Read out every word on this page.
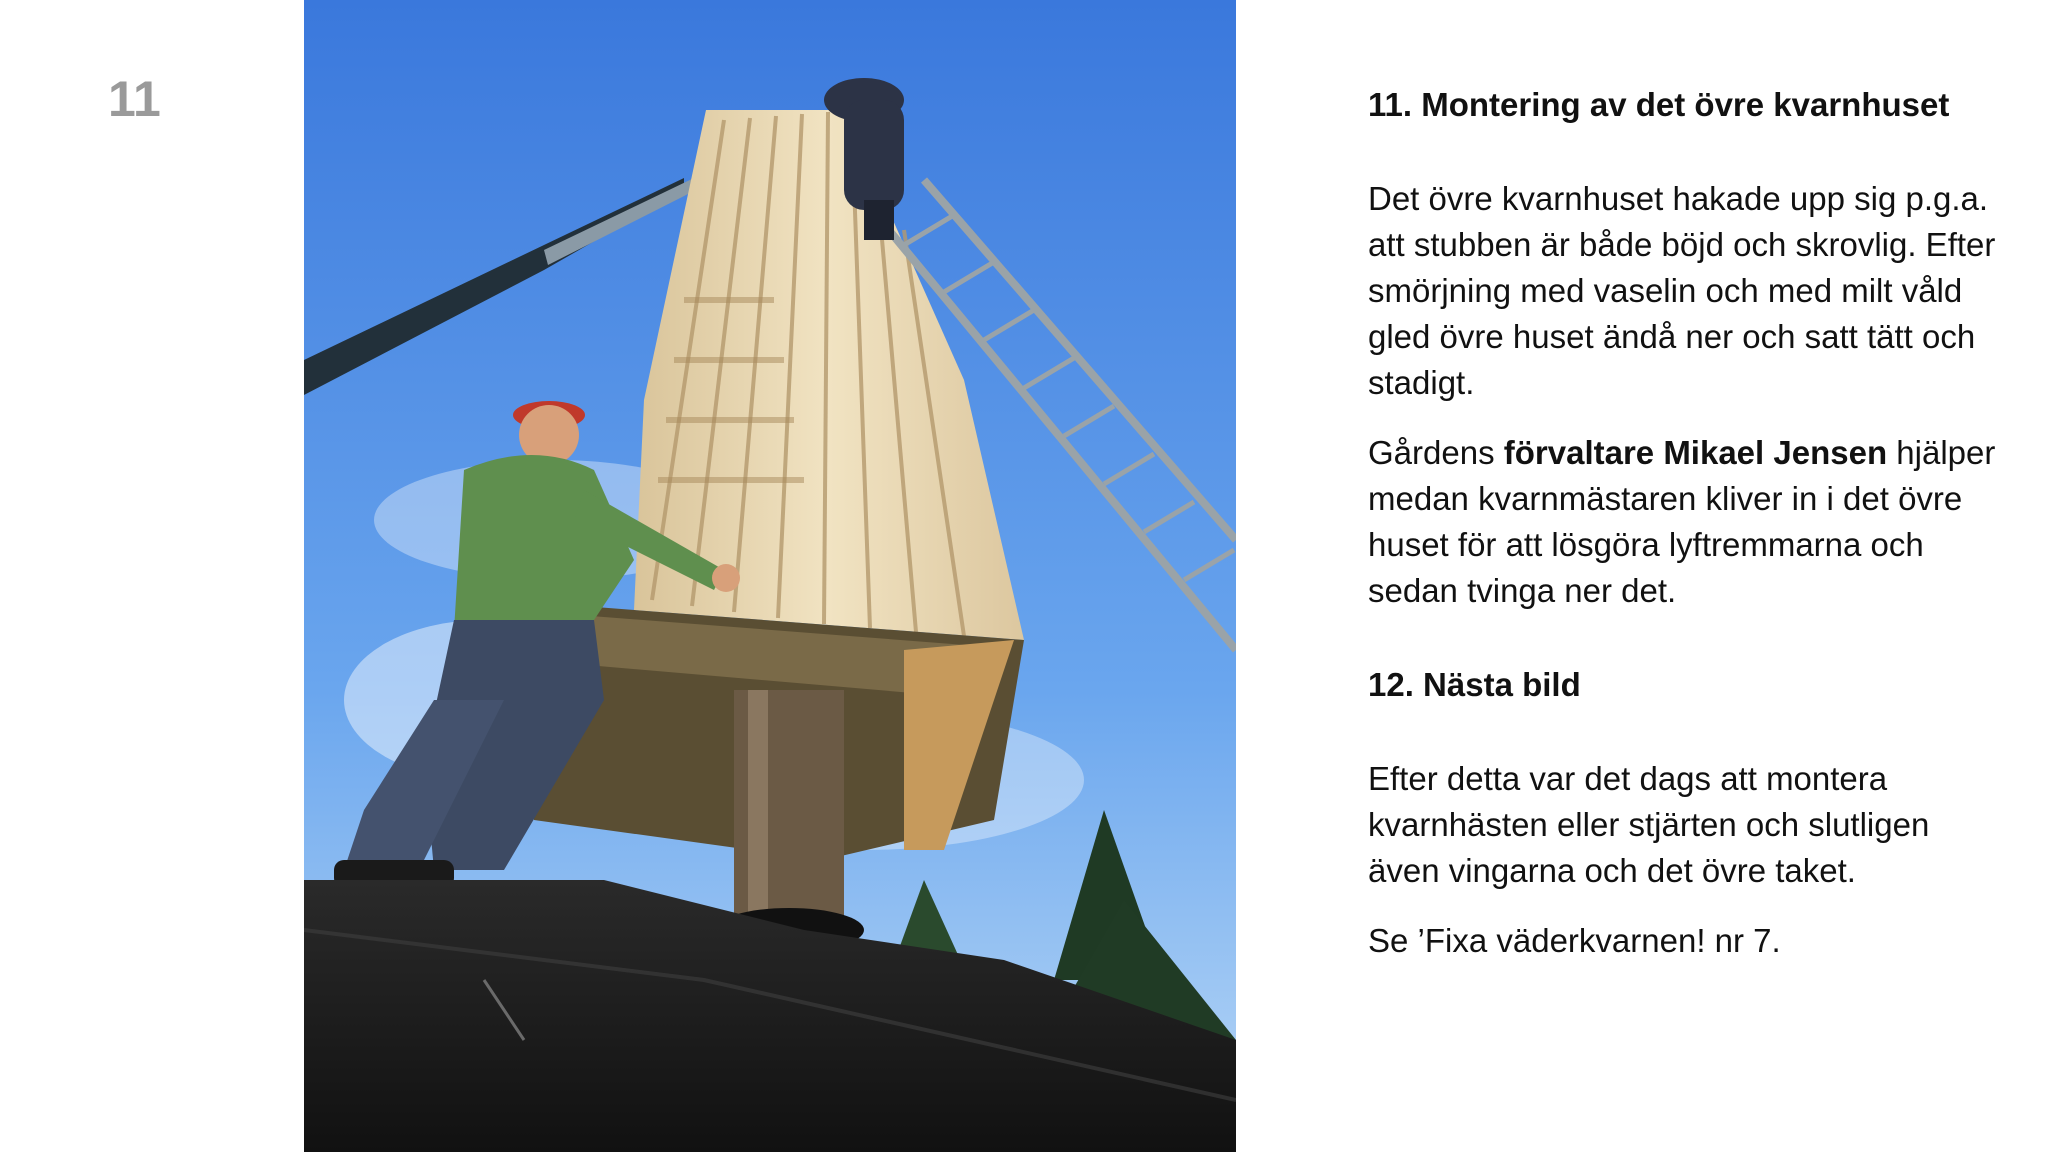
11	11. Montering av det övre kvarnhuset

Det övre kvarnhuset hakade upp sig p.g.a. att stubben är både böjd och skrovlig. Efter smörjning med vaselin och med milt våld gled övre huset ändå ner och satt tätt och stadigt.

Gårdens förvaltare Mikael Jensen hjälper medan kvarnmästaren kliver in i det övre huset för att lösgöra lyftremmarna och sedan tvinga ner det.

12. Nästa bild

Efter detta var det dags att montera kvarnhästen eller stjärten och slutligen även vingarna och det övre taket.

Se ’Fixa väderkvarnen! nr 7.
